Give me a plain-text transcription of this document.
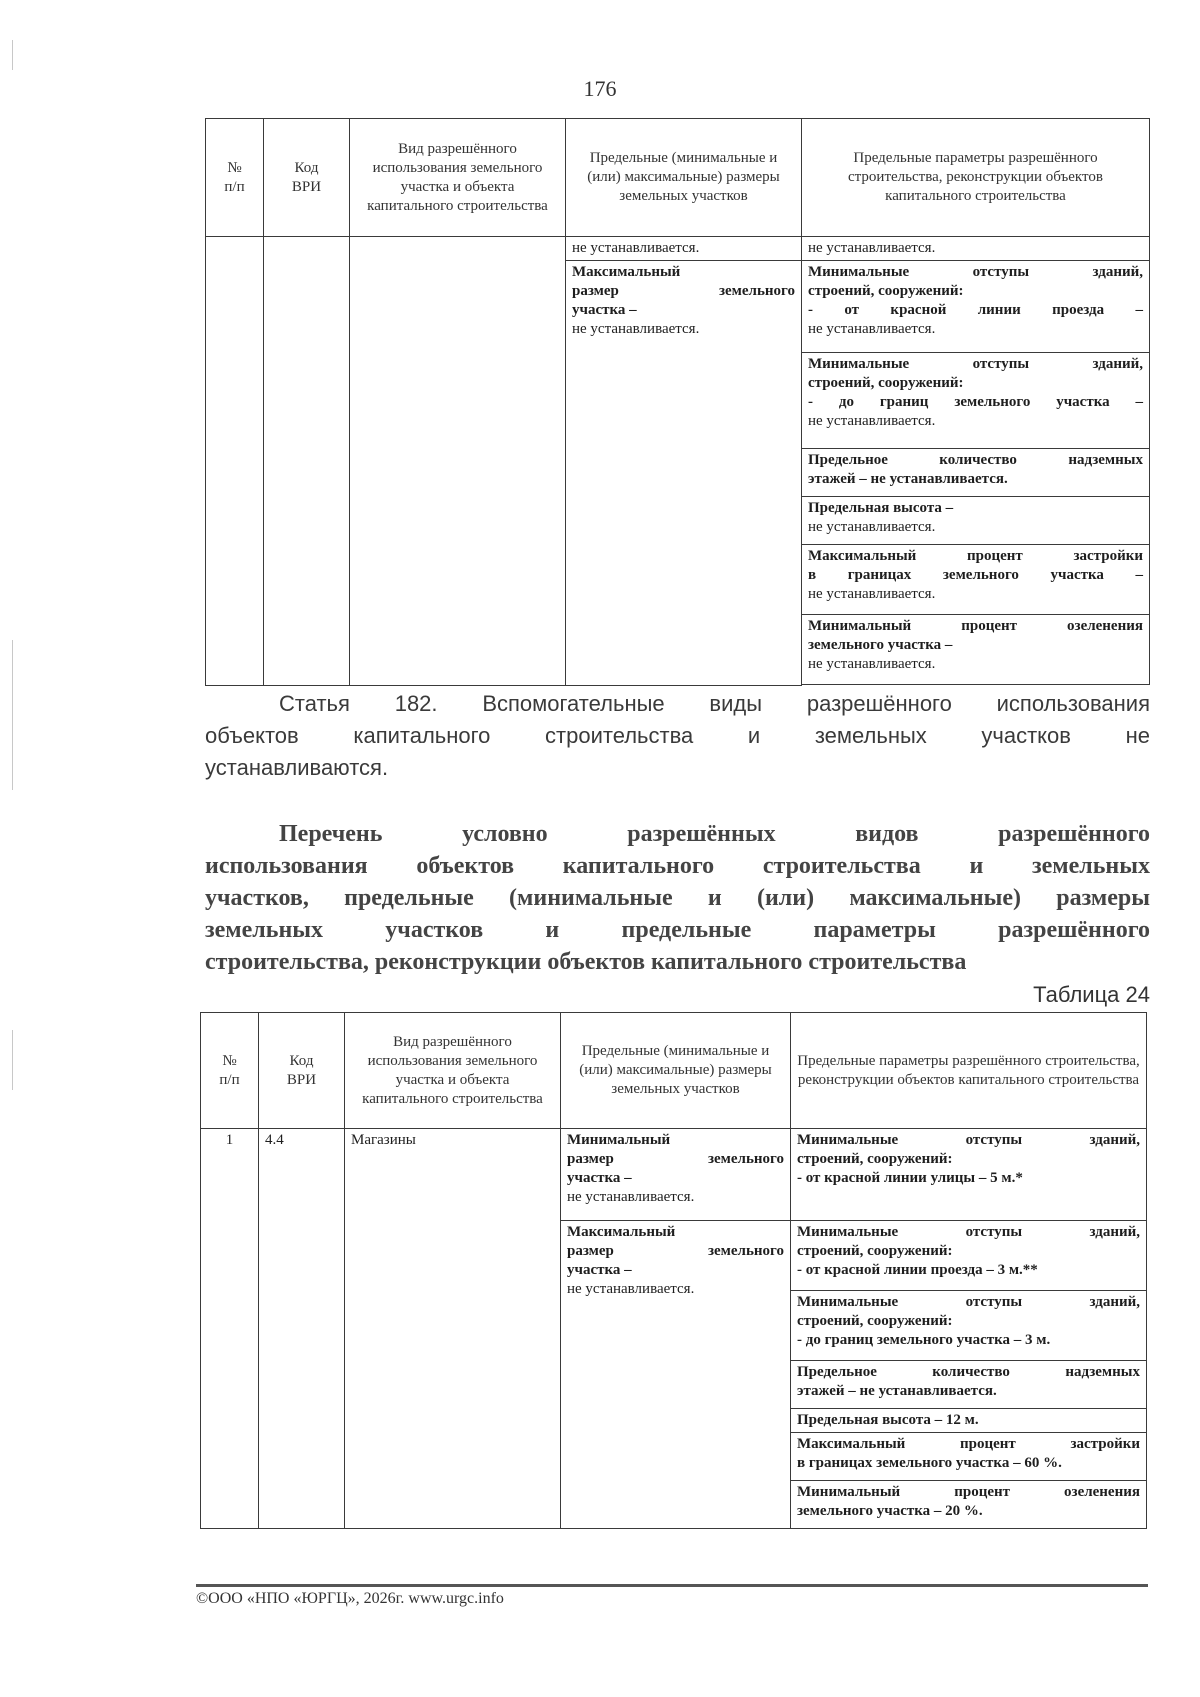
176
№
п/п	Код
ВРИ	Вид разрешённого использования земельного участка и объекта капитального строительства	Предельные (минимальные и (или) максимальные) размеры земельных участков	Предельные параметры разрешённого строительства, реконструкции объектов капитального строительства

			не устанавливается.	не устанавливается.

			Максимальный
размер земельного
участка –
не устанавливается.	Минимальные отступы зданий,
строений, сооружений:
- от красной линии проезда –
не устанавливается.

				Минимальные отступы зданий,
строений, сооружений:
- до границ земельного участка –
не устанавливается.

				Предельное количество надземных
этажей – не устанавливается.

				Предельная высота –
не устанавливается.

				Максимальный процент застройки
в границах земельного участка –
не устанавливается.

				Минимальный процент озеленения
земельного участка –
не устанавливается.

Статья 182. Вспомогательные виды разрешённого использования
объектов капитального строительства и земельных участков не
устанавливаются.
Перечень условно разрешённых видов разрешённого
использования объектов капитального строительства и земельных
участков, предельные (минимальные и (или) максимальные) размеры
земельных участков и предельные параметры разрешённого
строительства, реконструкции объектов капитального строительства
Таблица 24
№
п/п	Код
ВРИ	Вид разрешённого использования земельного участка и объекта капитального строительства	Предельные (минимальные и (или) максимальные) размеры земельных участков	Предельные параметры разрешённого строительства, реконструкции объектов капитального строительства
1	4.4	Магазины	Минимальный
размер земельного
участка –
не устанавливается.	Минимальные отступы зданий,
строений, сооружений:
- от красной линии улицы – 5 м.*

			Максимальный
размер земельного
участка –
не устанавливается.	Минимальные отступы зданий,
строений, сооружений:
- от красной линии проезда – 3 м.**

				Минимальные отступы зданий,
строений, сооружений:
- до границ земельного участка – 3 м.

				Предельное количество надземных
этажей – не устанавливается.

				Предельная высота – 12 м.

				Максимальный процент застройки
в границах земельного участка – 60 %.

				Минимальный процент озеленения
земельного участка – 20 %.
©ООО «НПО «ЮРГЦ», 2026г. www.urgc.info
